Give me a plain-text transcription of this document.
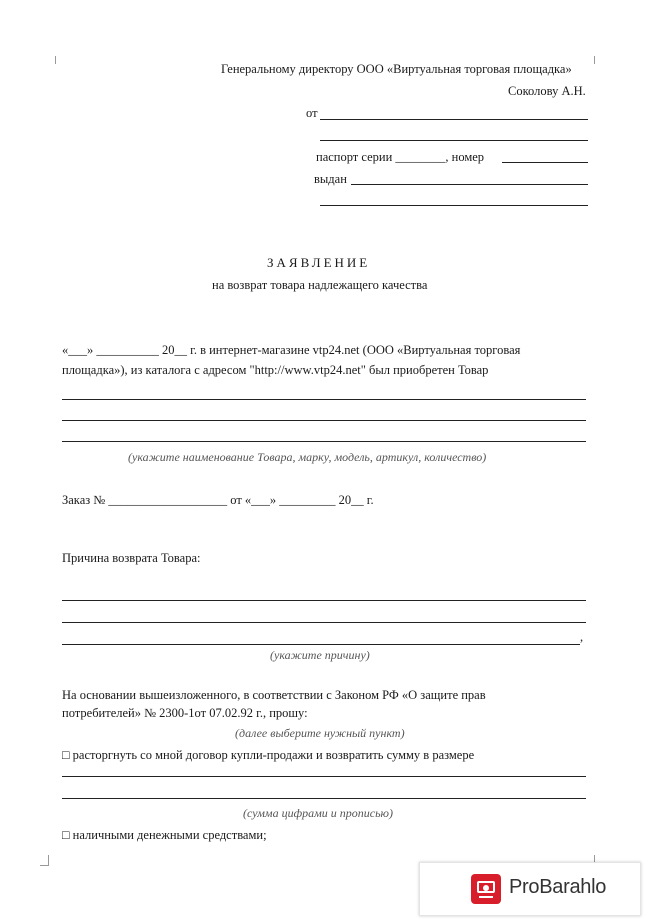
Генеральному директору ООО «Виртуальная торговая площадка»
Соколову А.Н.
от
паспорт серии ________, номер
выдан
ЗАЯВЛЕНИЕ
на возврат товара надлежащего качества
«___» __________ 20__ г. в интернет-магазине vtp24.net (ООО «Виртуальная торговая
площадка»), из каталога с адресом "http://www.vtp24.net" был приобретен Товар
(укажите наименование Товара, марку, модель, артикул, количество)
Заказ № ___________________ от «___» _________ 20__ г.
Причина возврата Товара:
,
(укажите причину)
На основании вышеизложенного, в соответствии с Законом РФ «О защите прав
потребителей» № 2300-1от 07.02.92 г., прошу:
(далее выберите нужный пункт)
□ расторгнуть со мной договор купли-продажи и возвратить сумму в размере
(сумма цифрами и прописью)
□ наличными денежными средствами;
ProBarahlo
